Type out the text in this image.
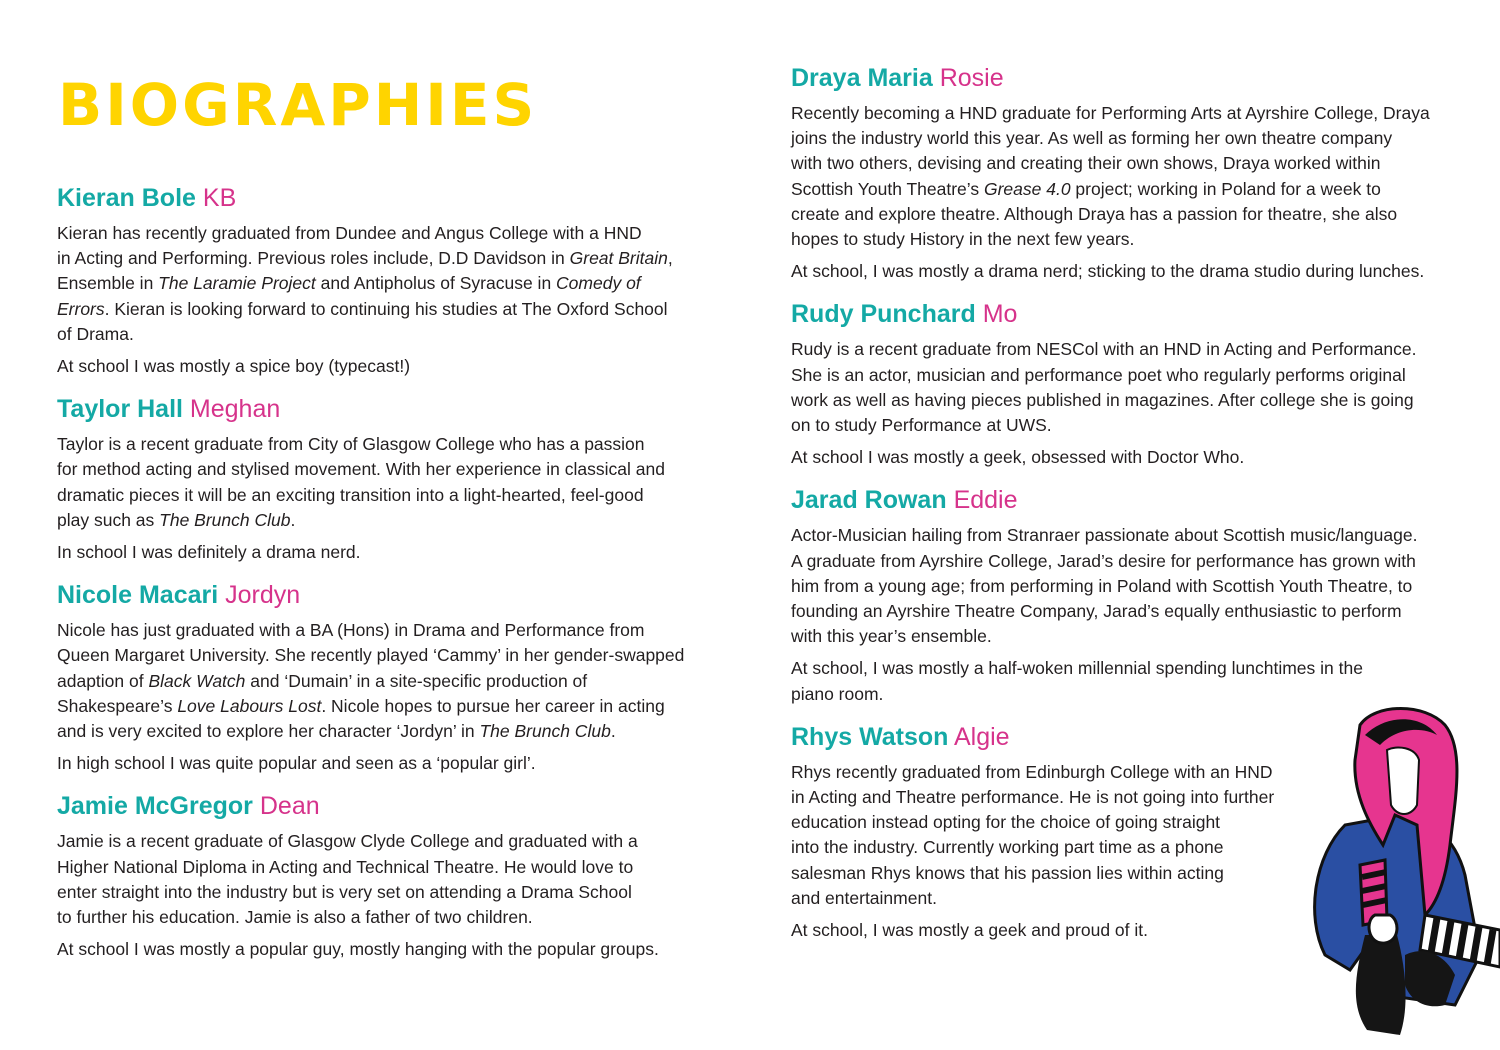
BIOGRAPHIES
Kieran Bole KB

Kieran has recently graduated from Dundee and Angus College with a HND
in Acting and Performing. Previous roles include, D.D Davidson in Great Britain,
Ensemble in The Laramie Project and Antipholus of Syracuse in Comedy of
Errors. Kieran is looking forward to continuing his studies at The Oxford School
of Drama.

At school I was mostly a spice boy (typecast!)

Taylor Hall Meghan

Taylor is a recent graduate from City of Glasgow College who has a passion
for method acting and stylised movement. With her experience in classical and
dramatic pieces it will be an exciting transition into a light-hearted, feel-good
play such as The Brunch Club.

In school I was definitely a drama nerd.

Nicole Macari Jordyn

Nicole has just graduated with a BA (Hons) in Drama and Performance from
Queen Margaret University. She recently played ‘Cammy’ in her gender-swapped
adaption of Black Watch and ‘Dumain’ in a site-specific production of
Shakespeare’s Love Labours Lost. Nicole hopes to pursue her career in acting
and is very excited to explore her character ‘Jordyn’ in The Brunch Club.

In high school I was quite popular and seen as a ‘popular girl’.

Jamie McGregor Dean

Jamie is a recent graduate of Glasgow Clyde College and graduated with a
Higher National Diploma in Acting and Technical Theatre. He would love to
enter straight into the industry but is very set on attending a Drama School
to further his education. Jamie is also a father of two children.

At school I was mostly a popular guy, mostly hanging with the popular groups.

Draya Maria Rosie

Recently becoming a HND graduate for Performing Arts at Ayrshire College, Draya
joins the industry world this year. As well as forming her own theatre company
with two others, devising and creating their own shows, Draya worked within
Scottish Youth Theatre’s Grease 4.0 project; working in Poland for a week to
create and explore theatre. Although Draya has a passion for theatre, she also
hopes to study History in the next few years.

At school, I was mostly a drama nerd; sticking to the drama studio during lunches.

Rudy Punchard Mo

Rudy is a recent graduate from NESCol with an HND in Acting and Performance.
She is an actor, musician and performance poet who regularly performs original
work as well as having pieces published in magazines. After college she is going
on to study Performance at UWS.

At school I was mostly a geek, obsessed with Doctor Who.

Jarad Rowan Eddie

Actor-Musician hailing from Stranraer passionate about Scottish music/language.
A graduate from Ayrshire College, Jarad’s desire for performance has grown with
him from a young age; from performing in Poland with Scottish Youth Theatre, to
founding an Ayrshire Theatre Company, Jarad’s equally enthusiastic to perform
with this year’s ensemble.

At school, I was mostly a half-woken millennial spending lunchtimes in the
piano room.

Rhys Watson Algie

Rhys recently graduated from Edinburgh College with an HND
in Acting and Theatre performance. He is not going into further
education instead opting for the choice of going straight
into the industry. Currently working part time as a phone
salesman Rhys knows that his passion lies within acting
and entertainment.

At school, I was mostly a geek and proud of it.
